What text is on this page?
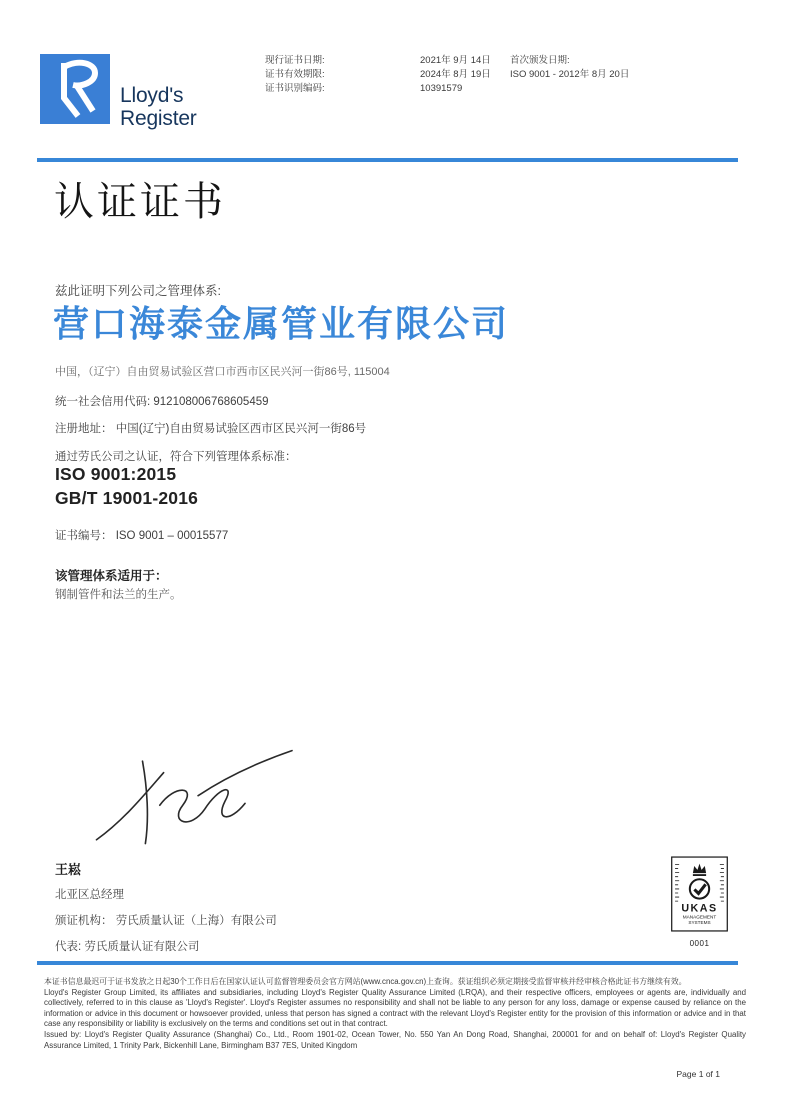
Lloyd's
Register
现行证书日期:
证书有效期限:
证书识别编码:
2021年 9月 14日
2024年 8月 19日
10391579
首次颁发日期:
ISO 9001 - 2012年 8月 20日
认证证书
兹此证明下列公司之管理体系:
营口海泰金属管业有限公司
中国，（辽宁）自由贸易试验区营口市西市区民兴河一街86号, 115004
统一社会信用代码: 912108006768605459
注册地址： 中国(辽宁)自由贸易试验区西市区民兴河一街86号
通过劳氏公司之认证，符合下列管理体系标准：
ISO 9001:2015
GB/T 19001-2016
证书编号： ISO 9001 – 00015577
该管理体系适用于：
钢制管件和法兰的生产。
王崧
北亚区总经理
颁证机构： 劳氏质量认证（上海）有限公司
代表: 劳氏质量认证有限公司
UKAS
MANAGEMENT
SYSTEMS
0001

本证书信息最迟可于证书发放之日起30个工作日后在国家认证认可监督管理委员会官方网站(www.cnca.gov.cn)上查询。获证组织必须定期接受监督审核并经审核合格此证书方继续有效。

Lloyd's Register Group Limited, its affiliates and subsidiaries, including Lloyd's Register Quality Assurance Limited (LRQA), and their respective officers, employees or agents are, individually and collectively, referred to in this clause as 'Lloyd's Register'. Lloyd's Register assumes no responsibility and shall not be liable to any person for any loss, damage or expense caused by reliance on the information or advice in this document or howsoever provided, unless that person has signed a contract with the relevant Lloyd's Register entity for the provision of this information or advice and in that case any responsibility or liability is exclusively on the terms and conditions set out in that contract.

Issued by: Lloyd's Register Quality Assurance (Shanghai) Co., Ltd., Room 1901-02, Ocean Tower, No. 550 Yan An Dong Road, Shanghai, 200001 for and on behalf of: Lloyd's Register Quality Assurance Limited, 1 Trinity Park, Bickenhill Lane, Birmingham B37 7ES, United Kingdom

Page 1 of 1
